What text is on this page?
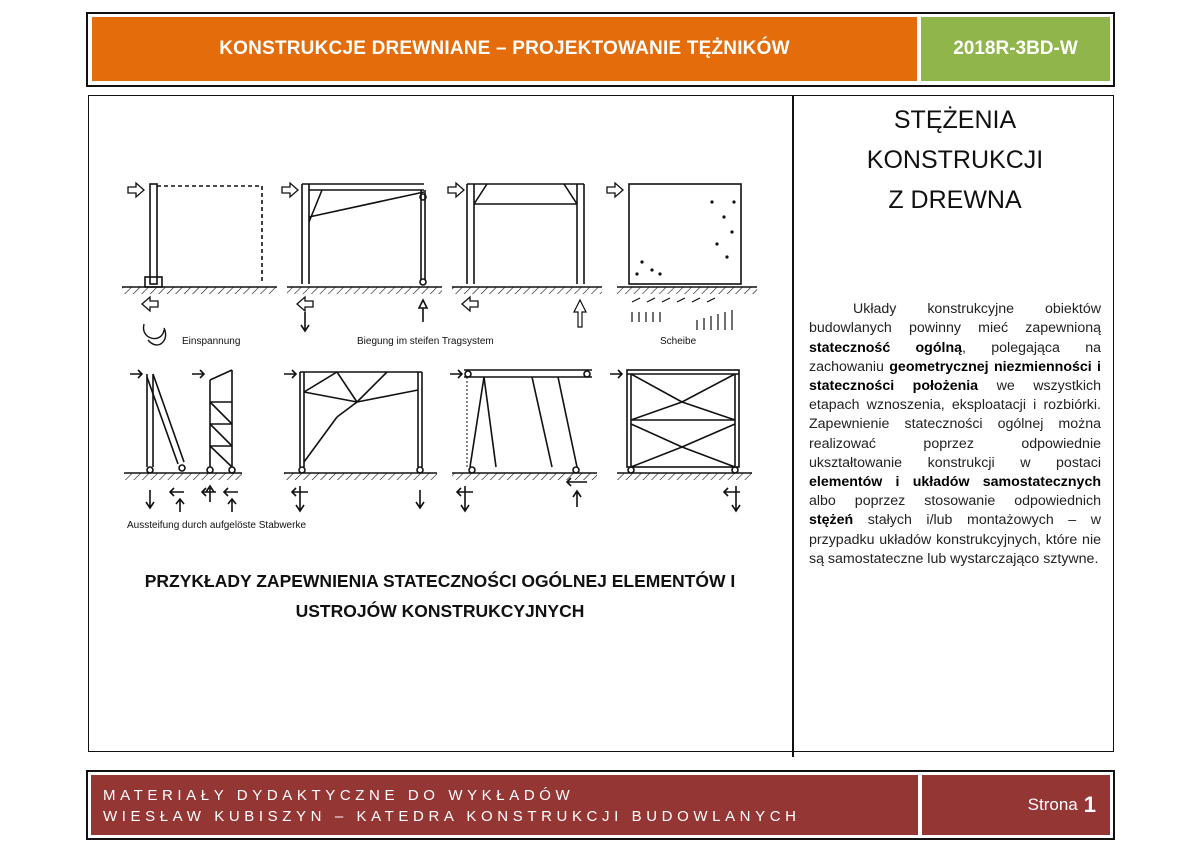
KONSTRUKCJE DREWNIANE – PROJEKTOWANIE TĘŻNIKÓW	2018R-3BD-W
Einspannung	Biegung im steifen Tragsystem	Scheibe
Aussteifung durch aufgelöste Stabwerke
PRZYKŁADY ZAPEWNIENIA STATECZNOŚCI OGÓLNEJ ELEMENTÓW I
USTROJÓW KONSTRUKCYJNYCH
STĘŻENIA
KONSTRUKCJI
Z DREWNA

Układy konstrukcyjne obiektów budowlanych powinny mieć zapewnioną stateczność ogólną, polegająca na zachowaniu geometrycznej niezmienności i stateczności położenia we wszystkich etapach wznoszenia, eksploatacji i rozbiórki. Zapewnienie stateczności ogólnej można realizować poprzez odpowiednie ukształtowanie konstrukcji w postaci elementów i układów samostatecznych albo poprzez stosowanie odpowiednich stężeń stałych i/lub montażowych – w przypadku układów konstrukcyjnych, które nie są samostateczne lub wystarczająco sztywne.

MATERIAŁY DYDAKTYCZNE DO WYKŁADÓW
WIESŁAW KUBISZYN – KATEDRA KONSTRUKCJI BUDOWLANYCH
Strona 1
